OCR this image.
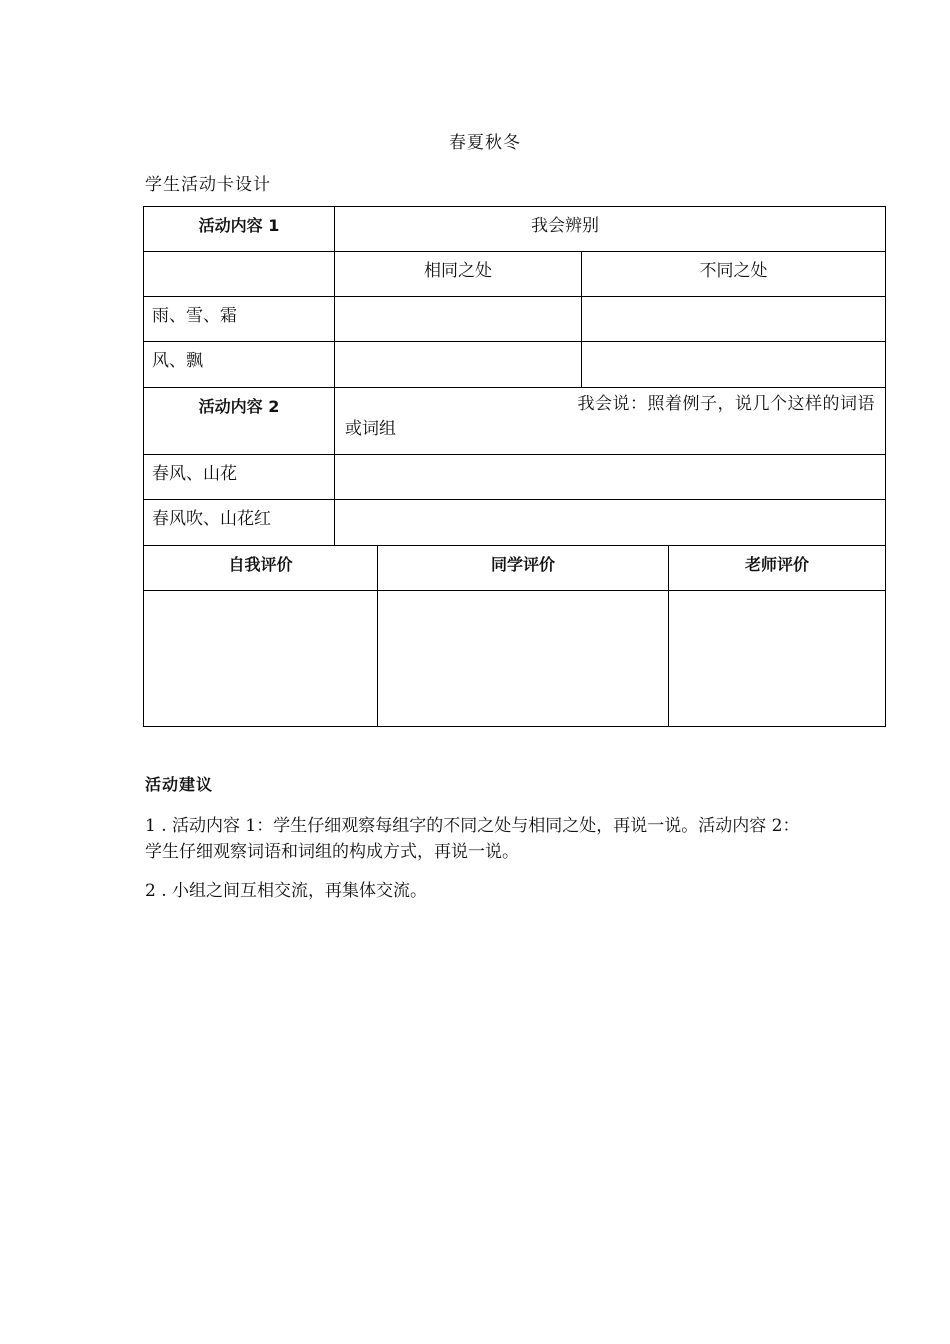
春夏秋冬
学生活动卡设计
活动内容 1	我会辨别	
	相同之处	不同之处
雨、雪、霜		
风、飘		
活动内容 2	我会说：照着例子，说几个这样的词语
或词组	

春风、山花		
春风吹、山花红		
自我评价	同学评价	老师评价

活动建议
1 . 活动内容 1：学生仔细观察每组字的不同之处与相同之处，再说一说。活动内容 2：学生仔细观察词语和词组的构成方式，再说一说。
2 . 小组之间互相交流，再集体交流。
